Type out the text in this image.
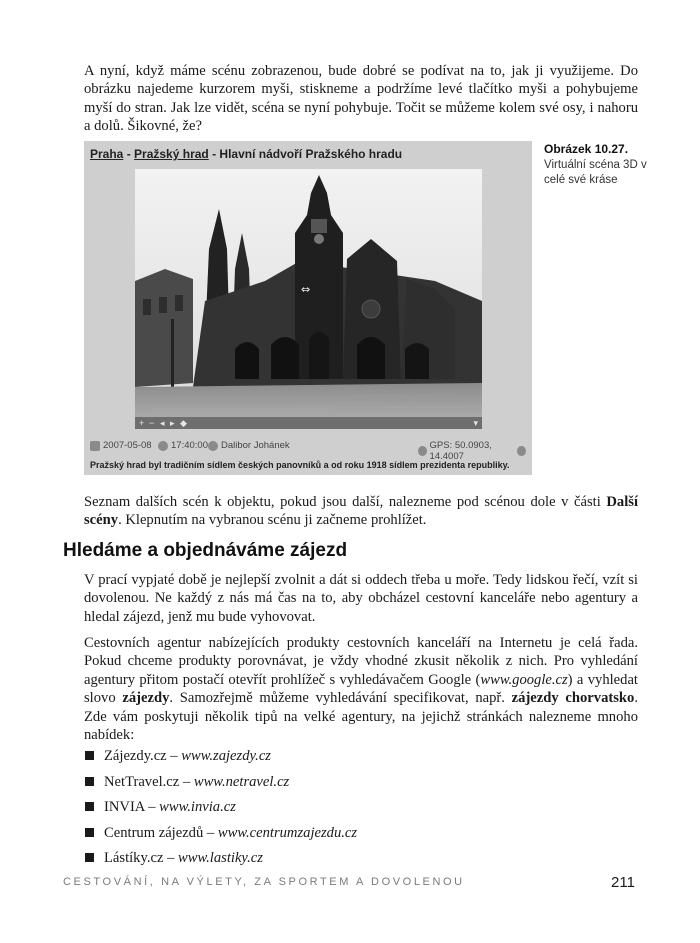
A nyní, když máme scénu zobrazenou, bude dobré se podívat na to, jak ji využijeme. Do obrázku najedeme kurzorem myši, stiskneme a podržíme levé tlačítko myši a pohybujeme myší do stran. Jak lze vidět, scéna se nyní pohybuje. Točit se můžeme kolem své osy, i nahoru a dolů. Šikovné, že?

Praha - Pražský hrad - Hlavní nádvoří Pražského hradu
⇔
+ − ◂ ▸ ◆	▾
2007-05-08 17:40:00 Dalibor Johánek	GPS: 50.0903, 14.4007
Pražský hrad byl tradičním sídlem českých panovníků a od roku 1918 sídlem prezidenta republiky.
Obrázek 10.27.
Virtuální scéna 3D v celé své kráse

Seznam dalších scén k objektu, pokud jsou další, nalezneme pod scénou dole v části Další scény. Klepnutím na vybranou scénu ji začneme prohlížet.

Hledáme a objednáváme zájezd

V prací vypjaté době je nejlepší zvolnit a dát si oddech třeba u moře. Tedy lidskou řečí, vzít si dovolenou. Ne každý z nás má čas na to, aby obcházel cestovní kanceláře nebo agentury a hledal zájezd, jenž mu bude vyhovovat.

Cestovních agentur nabízejících produkty cestovních kanceláří na Internetu je celá řada. Pokud chceme produkty porovnávat, je vždy vhodné zkusit několik z nich. Pro vyhledání agentury přitom postačí otevřít prohlížeč s vyhledávačem Google (www.google.cz) a vyhledat slovo zájezdy. Samozřejmě můžeme vyhledávání specifikovat, např. zájezdy chorvatsko. Zde vám poskytuji několik tipů na velké agentury, na jejichž stránkách nalezneme mnoho nabídek:

Zájezdy.cz – www.zajezdy.cz
NetTravel.cz – www.netravel.cz
INVIA – www.invia.cz
Centrum zájezdů – www.centrumzajezdu.cz
Lástíky.cz – www.lastiky.cz
CESTOVÁNÍ, NA VÝLETY, ZA SPORTEM A DOVOLENOU	211
